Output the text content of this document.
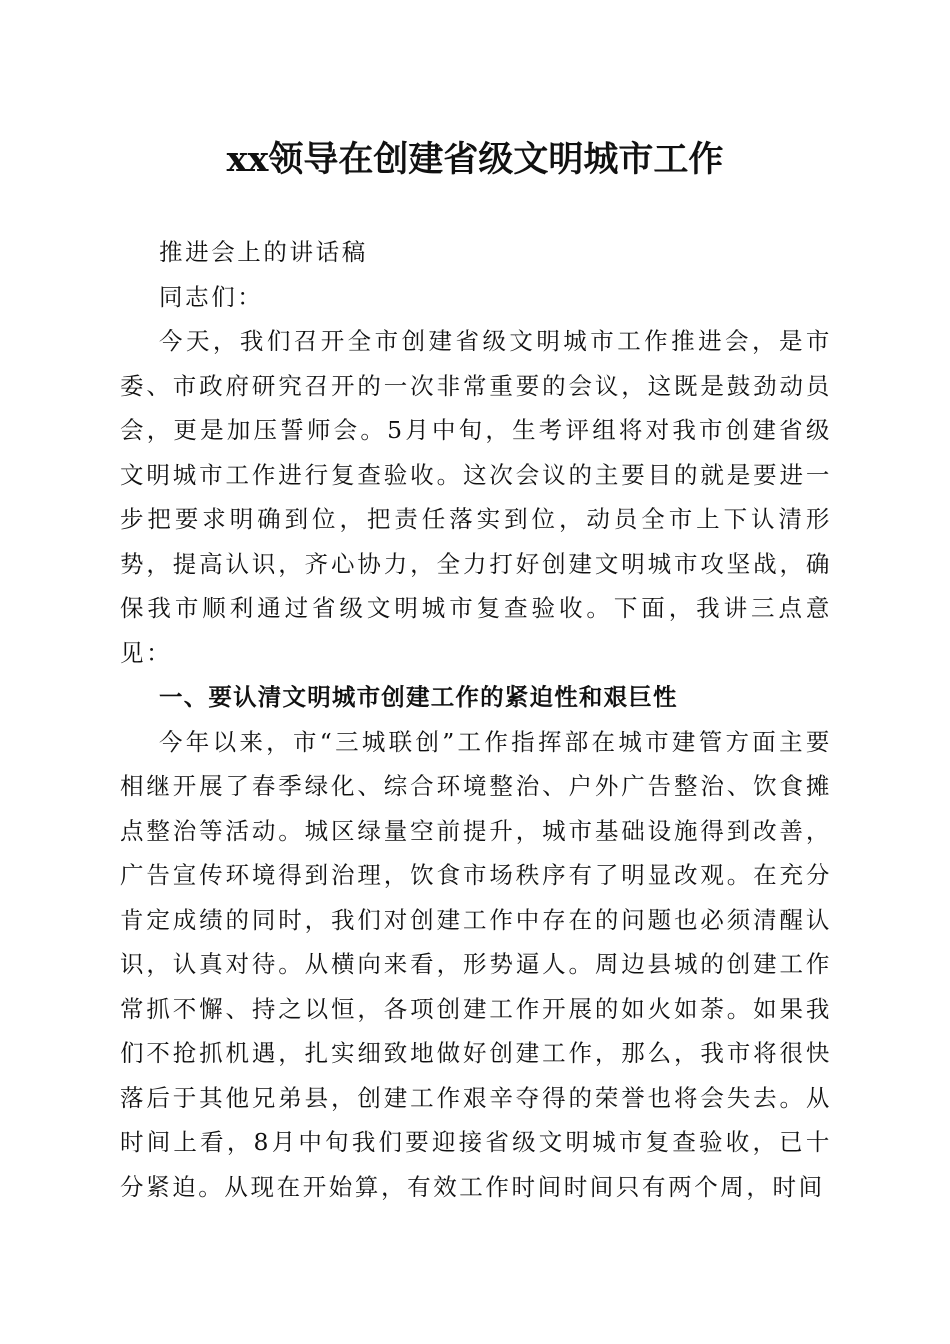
xx领导在创建省级文明城市工作

推进会上的讲话稿

同志们：

今天，我们召开全市创建省级文明城市工作推进会，是市委、市政府研究召开的一次非常重要的会议，这既是鼓劲动员会，更是加压誓师会。5月中旬，生考评组将对我市创建省级文明城市工作进行复查验收。这次会议的主要目的就是要进一步把要求明确到位，把责任落实到位，动员全市上下认清形势，提高认识，齐心协力，全力打好创建文明城市攻坚战，确保我市顺利通过省级文明城市复查验收。下面，我讲三点意见：

一、要认清文明城市创建工作的紧迫性和艰巨性

今年以来，市“三城联创”工作指挥部在城市建管方面主要相继开展了春季绿化、综合环境整治、户外广告整治、饮食摊点整治等活动。城区绿量空前提升，城市基础设施得到改善，广告宣传环境得到治理，饮食市场秩序有了明显改观。在充分肯定成绩的同时，我们对创建工作中存在的问题也必须清醒认识，认真对待。从横向来看，形势逼人。周边县城的创建工作常抓不懈、持之以恒，各项创建工作开展的如火如荼。如果我们不抢抓机遇，扎实细致地做好创建工作，那么，我市将很快落后于其他兄弟县，创建工作艰辛夺得的荣誉也将会失去。从时间上看，8月中旬我们要迎接省级文明城市复查验收，已十分紧迫。从现在开始算，有效工作时间时间只有两个周，时间
